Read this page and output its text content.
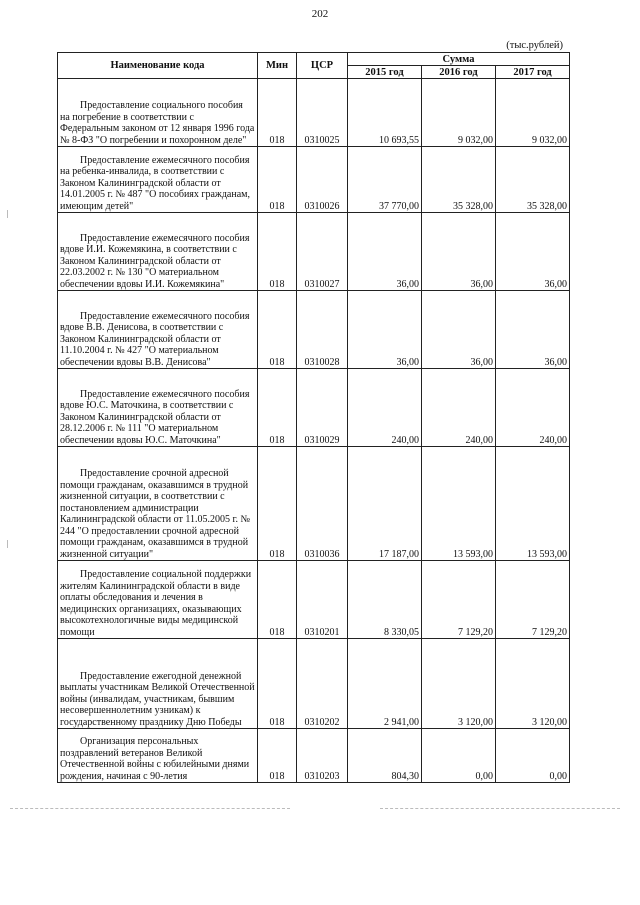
202
(тыс.рублей)
Наименование кода	Мин	ЦСР	Сумма		
			2015 год	2016 год	2017 год
Предоставление социального пособия на погребение в соответствии с Федеральным законом от 12 января 1996 года № 8-ФЗ "О погребении и похоронном деле"	018	0310025	10 693,55	9 032,00	9 032,00
Предоставление ежемесячного пособия на ребенка-инвалида, в соответствии с Законом Калининградской области от 14.01.2005 г. № 487 "О пособиях гражданам, имеющим детей"	018	0310026	37 770,00	35 328,00	35 328,00
Предоставление ежемесячного пособия вдове И.И. Кожемякина, в соответствии с Законом Калининградской области от 22.03.2002 г. № 130 "О материальном обеспечении вдовы И.И. Кожемякина"	018	0310027	36,00	36,00	36,00
Предоставление ежемесячного пособия вдове В.В. Денисова, в соответствии с Законом Калининградской области от 11.10.2004 г. № 427 "О материальном обеспечении вдовы В.В. Денисова"	018	0310028	36,00	36,00	36,00
Предоставление ежемесячного пособия вдове Ю.С. Маточкина, в соответствии с Законом Калининградской области от 28.12.2006 г. № 111 "О материальном обеспечении вдовы Ю.С. Маточкина"	018	0310029	240,00	240,00	240,00
Предоставление срочной адресной помощи гражданам, оказавшимся в трудной жизненной ситуации, в соответствии с постановлением администрации Калининградской области от 11.05.2005 г. № 244 "О предоставлении срочной адресной помощи гражданам, оказавшимся в трудной жизненной ситуации"	018	0310036	17 187,00	13 593,00	13 593,00
Предоставление социальной поддержки жителям Калининградской области в виде оплаты обследования и лечения в медицинских организациях, оказывающих высокотехнологичные виды медицинской помощи	018	0310201	8 330,05	7 129,20	7 129,20
Предоставление ежегодной денежной выплаты участникам Великой Отечественной войны (инвалидам, участникам, бывшим несовершеннолетним узникам) к государственному празднику Дню Победы	018	0310202	2 941,00	3 120,00	3 120,00
Организация персональных поздравлений ветеранов Великой Отечественной войны с юбилейными днями рождения, начиная с 90-летия	018	0310203	804,30	0,00	0,00
